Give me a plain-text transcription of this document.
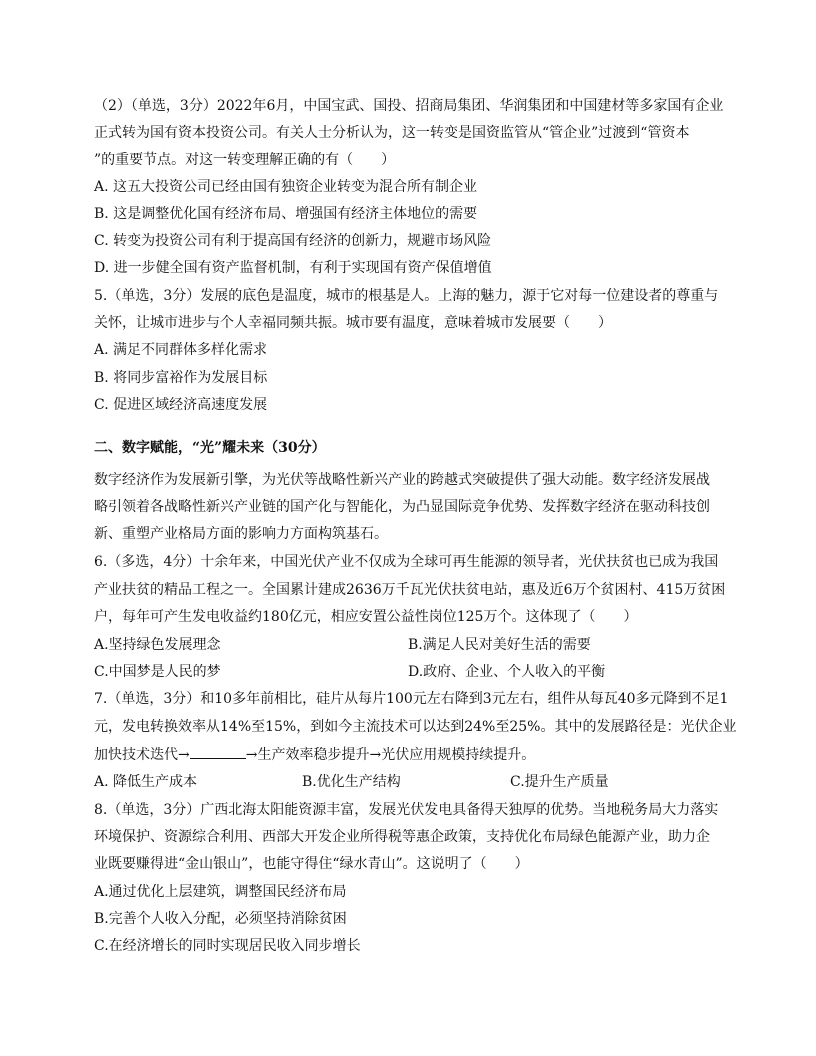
（2）（单选，3分）2022年6月，中国宝武、国投、招商局集团、华润集团和中国建材等多家国有企业
正式转为国有资本投资公司。有关人士分析认为，这一转变是国资监管从“管企业”过渡到“管资本
”的重要节点。对这一转变理解正确的有（　　）
A. 这五大投资公司已经由国有独资企业转变为混合所有制企业
B. 这是调整优化国有经济布局、增强国有经济主体地位的需要
C. 转变为投资公司有利于提高国有经济的创新力，规避市场风险
D. 进一步健全国有资产监督机制，有利于实现国有资产保值增值
5.（单选，3分）发展的底色是温度，城市的根基是人。上海的魅力，源于它对每一位建设者的尊重与
关怀，让城市进步与个人幸福同频共振。城市要有温度，意味着城市发展要（　　）
A. 满足不同群体多样化需求
B. 将同步富裕作为发展目标
C. 促进区域经济高速度发展
二、数字赋能，“光”耀未来（30分）
数字经济作为发展新引擎，为光伏等战略性新兴产业的跨越式突破提供了强大动能。数字经济发展战
略引领着各战略性新兴产业链的国产化与智能化，为凸显国际竞争优势、发挥数字经济在驱动科技创
新、重塑产业格局方面的影响力方面构筑基石。
6.（多选，4分）十余年来，中国光伏产业不仅成为全球可再生能源的领导者，光伏扶贫也已成为我国
产业扶贫的精品工程之一。全国累计建成2636万千瓦光伏扶贫电站，惠及近6万个贫困村、415万贫困
户，每年可产生发电收益约180亿元，相应安置公益性岗位125万个。这体现了（　　）
A.坚持绿色发展理念	B.满足人民对美好生活的需要
C.中国梦是人民的梦	D.政府、企业、个人收入的平衡
7.（单选，3分）和10多年前相比，硅片从每片100元左右降到3元左右，组件从每瓦40多元降到不足1
元，发电转换效率从14%至15%，到如今主流技术可以达到24%至25%。其中的发展路径是：光伏企业
加快技术迭代→	→生产效率稳步提升→光伏应用规模持续提升。
A. 降低生产成本	B.优化生产结构	C.提升生产质量
8.（单选，3分）广西北海太阳能资源丰富，发展光伏发电具备得天独厚的优势。当地税务局大力落实
环境保护、资源综合利用、西部大开发企业所得税等惠企政策，支持优化布局绿色能源产业，助力企
业既要赚得进“金山银山”，也能守得住“绿水青山”。这说明了（　　）
A.通过优化上层建筑，调整国民经济布局
B.完善个人收入分配，必须坚持消除贫困
C.在经济增长的同时实现居民收入同步增长
